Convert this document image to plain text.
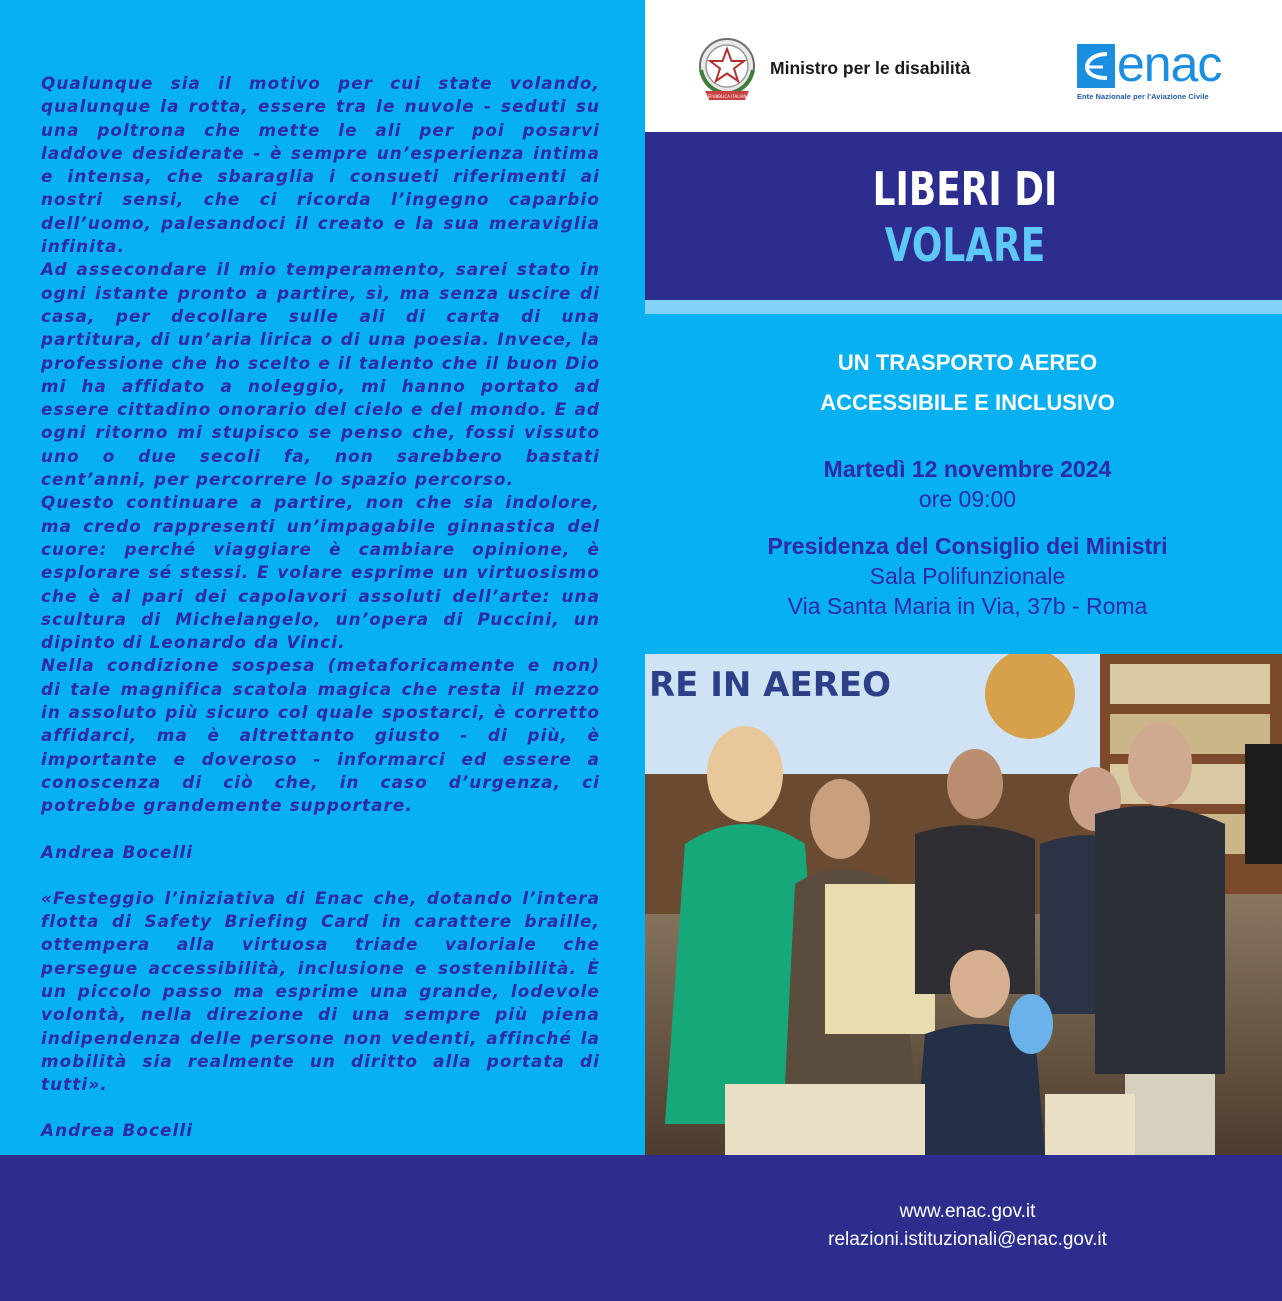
Qualunque sia il motivo per cui state volando, qualunque la rotta, essere tra le nuvole - seduti su una poltrona che mette le ali per poi posarvi laddove desiderate - è sempre un’esperienza intima e intensa, che sbaraglia i consueti riferimenti ai nostri sensi, che ci ricorda l’ingegno caparbio dell’uomo, palesandoci il creato e la sua meraviglia infinita.

Ad assecondare il mio temperamento, sarei stato in ogni istante pronto a partire, sì, ma senza uscire di casa, per decollare sulle ali di carta di una partitura, di un’aria lirica o di una poesia. Invece, la professione che ho scelto e il talento che il buon Dio mi ha affidato a noleggio, mi hanno portato ad essere cittadino onorario del cielo e del mondo. E ad ogni ritorno mi stupisco se penso che, fossi vissuto uno o due secoli fa, non sarebbero bastati cent’anni, per percorrere lo spazio percorso.

Questo continuare a partire, non che sia indolore, ma credo rappresenti un’impagabile ginnastica del cuore: perché viaggiare è cambiare opinione, è esplorare sé stessi. E volare esprime un virtuosismo che è al pari dei capolavori assoluti dell’arte: una scultura di Michelangelo, un’opera di Puccini, un dipinto di Leonardo da Vinci.

Nella condizione sospesa (metaforicamente e non) di tale magnifica scatola magica che resta il mezzo in assoluto più sicuro col quale spostarci, è corretto affidarci, ma è altrettanto giusto - di più, è importante e doveroso - informarci ed essere a conoscenza di ciò che, in caso d’urgenza, ci potrebbe grandemente supportare.

Andrea Bocelli

«Festeggio l’iniziativa di Enac che, dotando l’intera flotta di Safety Briefing Card in carattere braille, ottempera alla virtuosa triade valoriale che persegue accessibilità, inclusione e sostenibilità. È un piccolo passo ma esprime una grande, lodevole volontà, nella direzione di una sempre più piena indipendenza delle persone non vedenti, affinché la mobilità sia realmente un diritto alla portata di tutti».

Andrea Bocelli

REPUBBLICA ITALIANA
Ministro per le disabilità	enac
Ente Nazionale per l'Aviazione Civile
LIBERI DI
VOLARE
UN TRASPORTO AEREO
ACCESSIBILE E INCLUSIVO
Martedì 12 novembre 2024
ore 09:00
Presidenza del Consiglio dei Ministri
Sala Polifunzionale
Via Santa Maria in Via, 37b - Roma
RE IN AEREO
www.enac.gov.it
relazioni.istituzionali@enac.gov.it
